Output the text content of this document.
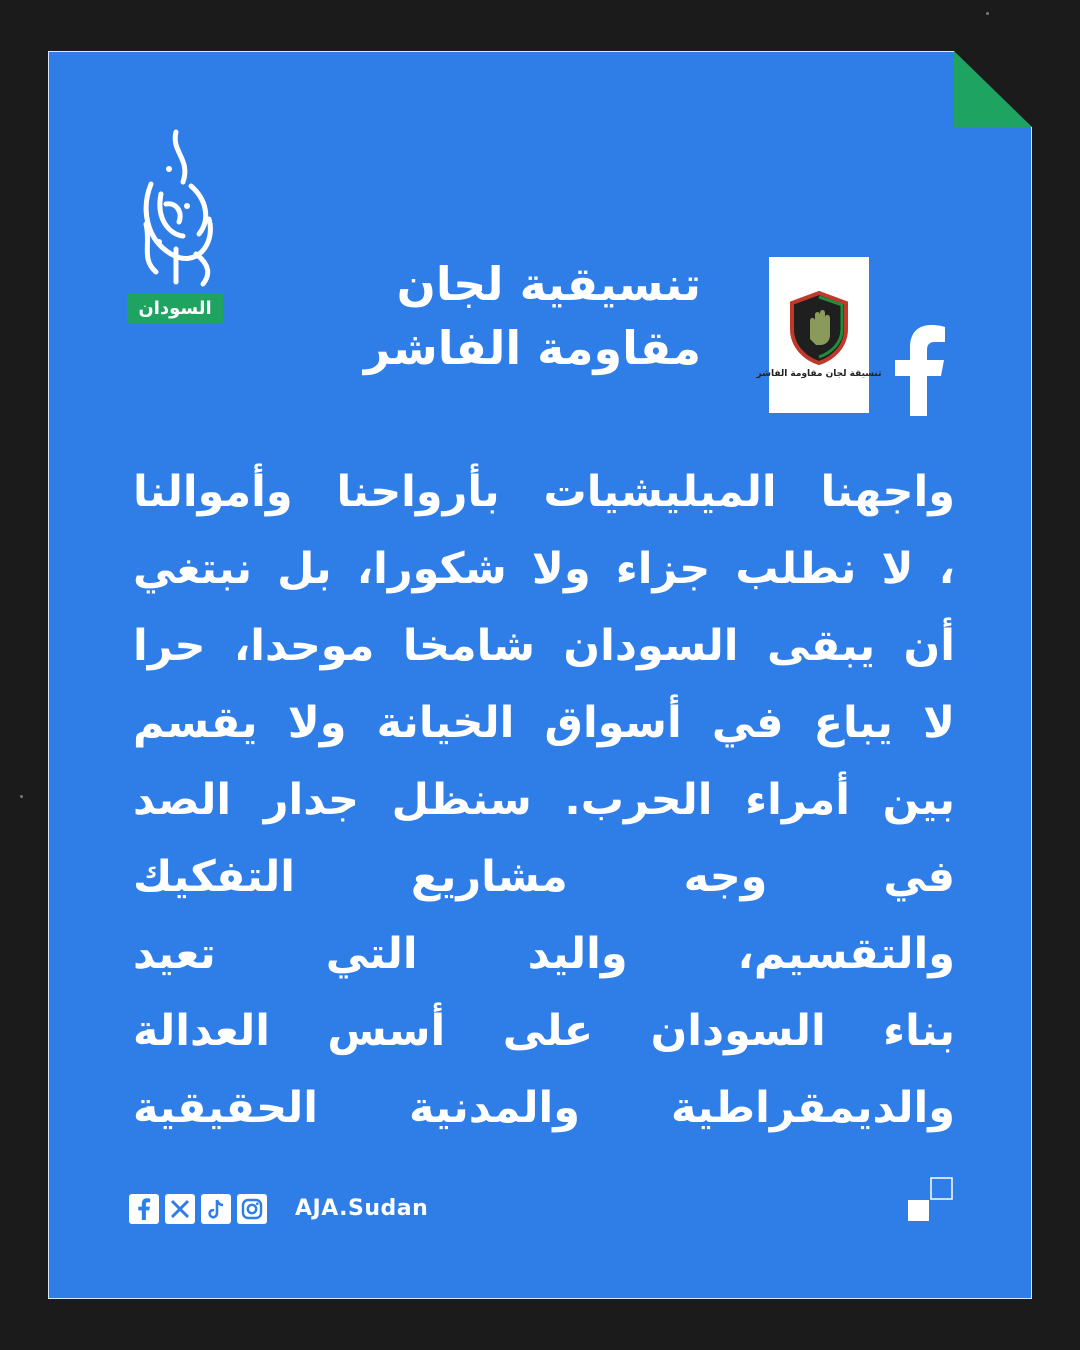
السودان	تنسيقية لجان
مقاومة الفاشر	تنسيقة لجان مقاومة الفاشر
واجهنا الميليشيات بأرواحنا وأموالنا
، لا نطلب جزاء ولا شكورا، بل نبتغي
أن يبقى السودان شامخا موحدا، حرا
لا يباع في أسواق الخيانة ولا يقسم
بين أمراء الحرب. سنظل جدار الصد
في وجه مشاريع التفكيك
والتقسيم، واليد التي تعيد
بناء السودان على أسس العدالة
والديمقراطية والمدنية الحقيقية
AJA.Sudan
